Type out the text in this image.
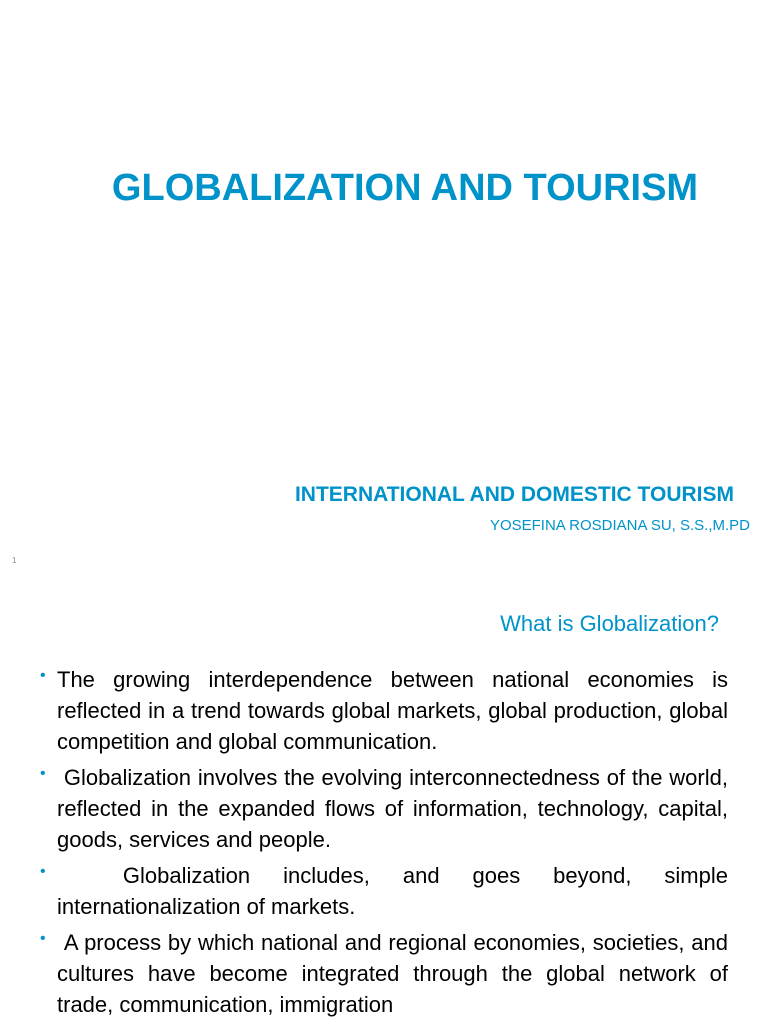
GLOBALIZATION AND TOURISM
INTERNATIONAL AND DOMESTIC TOURISM
YOSEFINA ROSDIANA SU, S.S.,M.PD
1
What is Globalization?
• The growing interdependence between national economies is reflected in a trend towards global markets, global production, global competition and global communication.
• Globalization involves the evolving interconnectedness of the world, reflected in the expanded flows of information, technology, capital, goods, services and people.
• Globalization includes, and goes beyond, simple internationalization of markets.
• A process by which national and regional economies, societies, and cultures have become integrated through the global network of trade, communication, immigration
